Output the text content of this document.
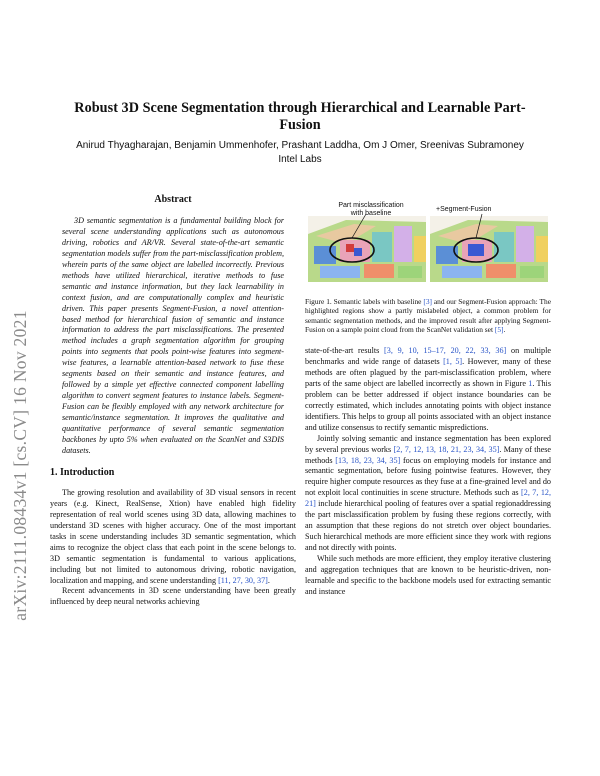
arXiv:2111.08434v1 [cs.CV] 16 Nov 2021
Robust 3D Scene Segmentation through Hierarchical and Learnable Part-Fusion
Anirud Thyagharajan, Benjamin Ummenhofer, Prashant Laddha, Om J Omer, Sreenivas Subramoney
Intel Labs
Abstract

3D semantic segmentation is a fundamental building block for several scene understanding applications such as autonomous driving, robotics and AR/VR. Several state-of-the-art semantic segmentation models suffer from the part-misclassification problem, wherein parts of the same object are labelled incorrectly. Previous methods have utilized hierarchical, iterative methods to fuse semantic and instance information, but they lack learnability in context fusion, and are computationally complex and heuristic driven. This paper presents Segment-Fusion, a novel attention-based method for hierarchical fusion of semantic and instance information to address the part misclassifications. The presented method includes a graph segmentation algorithm for grouping points into segments that pools point-wise features into segment-wise features, a learnable attention-based network to fuse these segments based on their semantic and instance features, and followed by a simple yet effective connected component labelling algorithm to convert segment features to instance labels. Segment-Fusion can be flexibly employed with any network architecture for semantic/instance segmentation. It improves the qualitative and quantitative performance of several semantic segmentation backbones by upto 5% when evaluated on the ScanNet and S3DIS datasets.

1. Introduction

The growing resolution and availability of 3D visual sensors in recent years (e.g. Kinect, RealSense, Xtion) have enabled high fidelity representation of real world scenes using 3D data, allowing machines to understand 3D scenes with higher accuracy. One of the most important tasks in scene understanding includes 3D semantic segmentation, which aims to recognize the object class that each point in the scene belongs to. 3D semantic segmentation is fundamental to various applications, including but not limited to autonomous driving, robotic navigation, localization and mapping, and scene understanding [11, 27, 30, 37].

Recent advancements in 3D scene understanding have been greatly influenced by deep neural networks achieving

Part misclassification
with baseline
+Segment-Fusion
Figure 1. Semantic labels with baseline [3] and our Segment-Fusion approach: The highlighted regions show a partly mislabeled object, a common problem for semantic segmentation methods, and the improved result after applying Segment-Fusion on a sample point cloud from the ScanNet validation set [5].

state-of-the-art results [3, 9, 10, 15–17, 20, 22, 33, 36] on multiple benchmarks and wide range of datasets [1, 5]. However, many of these methods are often plagued by the part-misclassification problem, where parts of the same object are labelled incorrectly as shown in Figure 1. This problem can be better addressed if object instance boundaries can be correctly estimated, which includes annotating points with object instance identifiers. This helps to group all points associated with an object instance and utilize consensus to rectify semantic mispredictions.

Jointly solving semantic and instance segmentation has been explored by several previous works [2, 7, 12, 13, 18, 21, 23, 34, 35]. Many of these methods [13, 18, 23, 34, 35] focus on employing models for instance and semantic segmentation, before fusing pointwise features. However, they require higher compute resources as they fuse at a fine-grained level and do not exploit local continuities in scene structure. Methods such as [2, 7, 12, 21] include hierarchical pooling of features over a spatial regionaddressing the part misclassification problem by fusing these regions correctly, with an assumption that these regions do not stretch over object boundaries. Such hierarchical methods are more efficient since they work with regions and not directly with points.

While such methods are more efficient, they employ iterative clustering and aggregation techniques that are known to be heuristic-driven, non-learnable and specific to the backbone models used for extracting semantic and instance
